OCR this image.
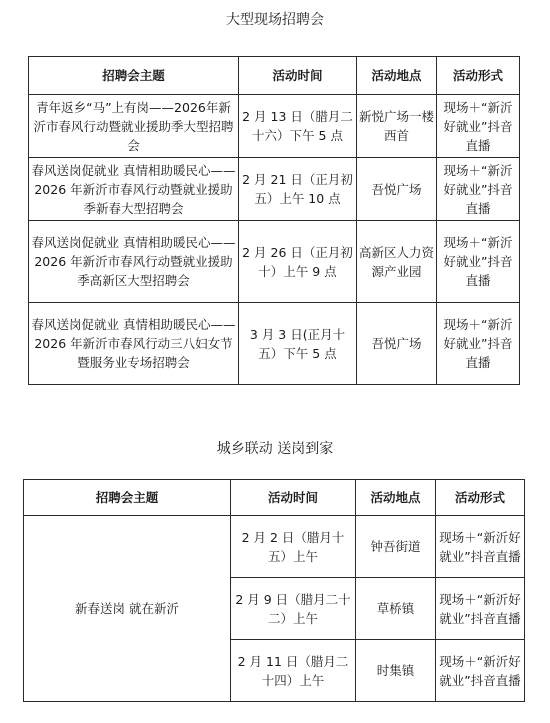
大型现场招聘会
招聘会主题	活动时间	活动地点	活动形式
青年返乡“马”上有岗——2026年新沂市春风行动暨就业援助季大型招聘会	2 月 13 日（腊月二十六）下午 5 点	新悦广场一楼西首	现场＋“新沂好就业”抖音直播
春风送岗促就业 真情相助暖民心——2026 年新沂市春风行动暨就业援助季新春大型招聘会	2 月 21 日（正月初五）上午 10 点	吾悦广场	现场＋“新沂好就业”抖音直播
春风送岗促就业 真情相助暖民心——2026 年新沂市春风行动暨就业援助季高新区大型招聘会	2 月 26 日（正月初十）上午 9 点	高新区人力资源产业园	现场＋“新沂好就业”抖音直播
春风送岗促就业 真情相助暖民心——2026 年新沂市春风行动三八妇女节暨服务业专场招聘会	3 月 3 日(正月十五）下午 5 点	吾悦广场	现场＋“新沂好就业”抖音直播
城乡联动 送岗到家
招聘会主题	活动时间	活动地点	活动形式
新春送岗 就在新沂	2 月 2 日（腊月十五）上午	钟吾街道	现场＋“新沂好就业”抖音直播
	2 月 9 日（腊月二十二）上午	草桥镇	现场＋“新沂好就业”抖音直播
	2 月 11 日（腊月二十四）上午	时集镇	现场＋“新沂好就业”抖音直播
